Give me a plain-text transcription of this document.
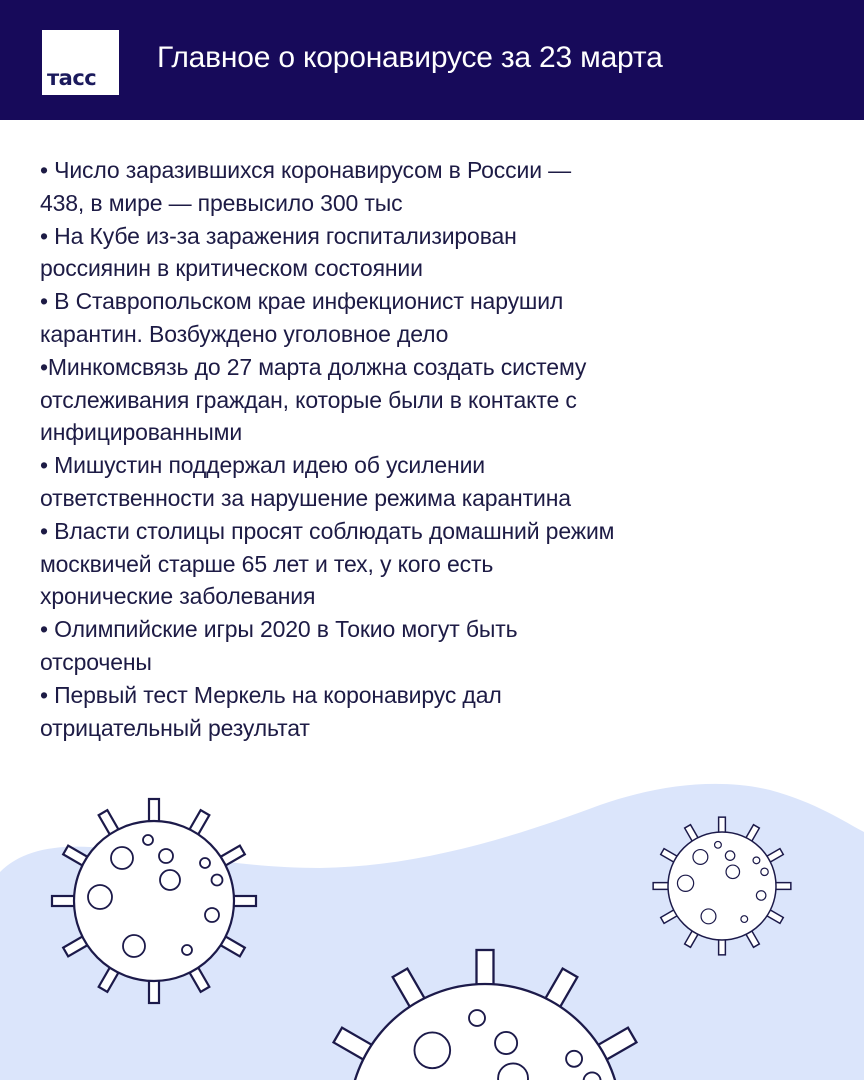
тасс
Главное о коронавирусе за 23 марта

• Число заразившихся коронавирусом в России —

438, в мире — превысило 300 тыс

• На Кубе из-за заражения госпитализирован

россиянин в критическом состоянии

• В Ставропольском крае инфекционист нарушил

карантин. Возбуждено уголовное дело

•Минкомсвязь до 27 марта должна создать систему

отслеживания граждан, которые были в контакте с

инфицированными

• Мишустин поддержал идею об усилении

ответственности за нарушение режима карантина

• Власти столицы просят соблюдать домашний режим

москвичей старше 65 лет и тех, у кого есть

хронические заболевания

• Олимпийские игры 2020 в Токио могут быть

отсрочены

• Первый тест Меркель на коронавирус дал

отрицательный результат
